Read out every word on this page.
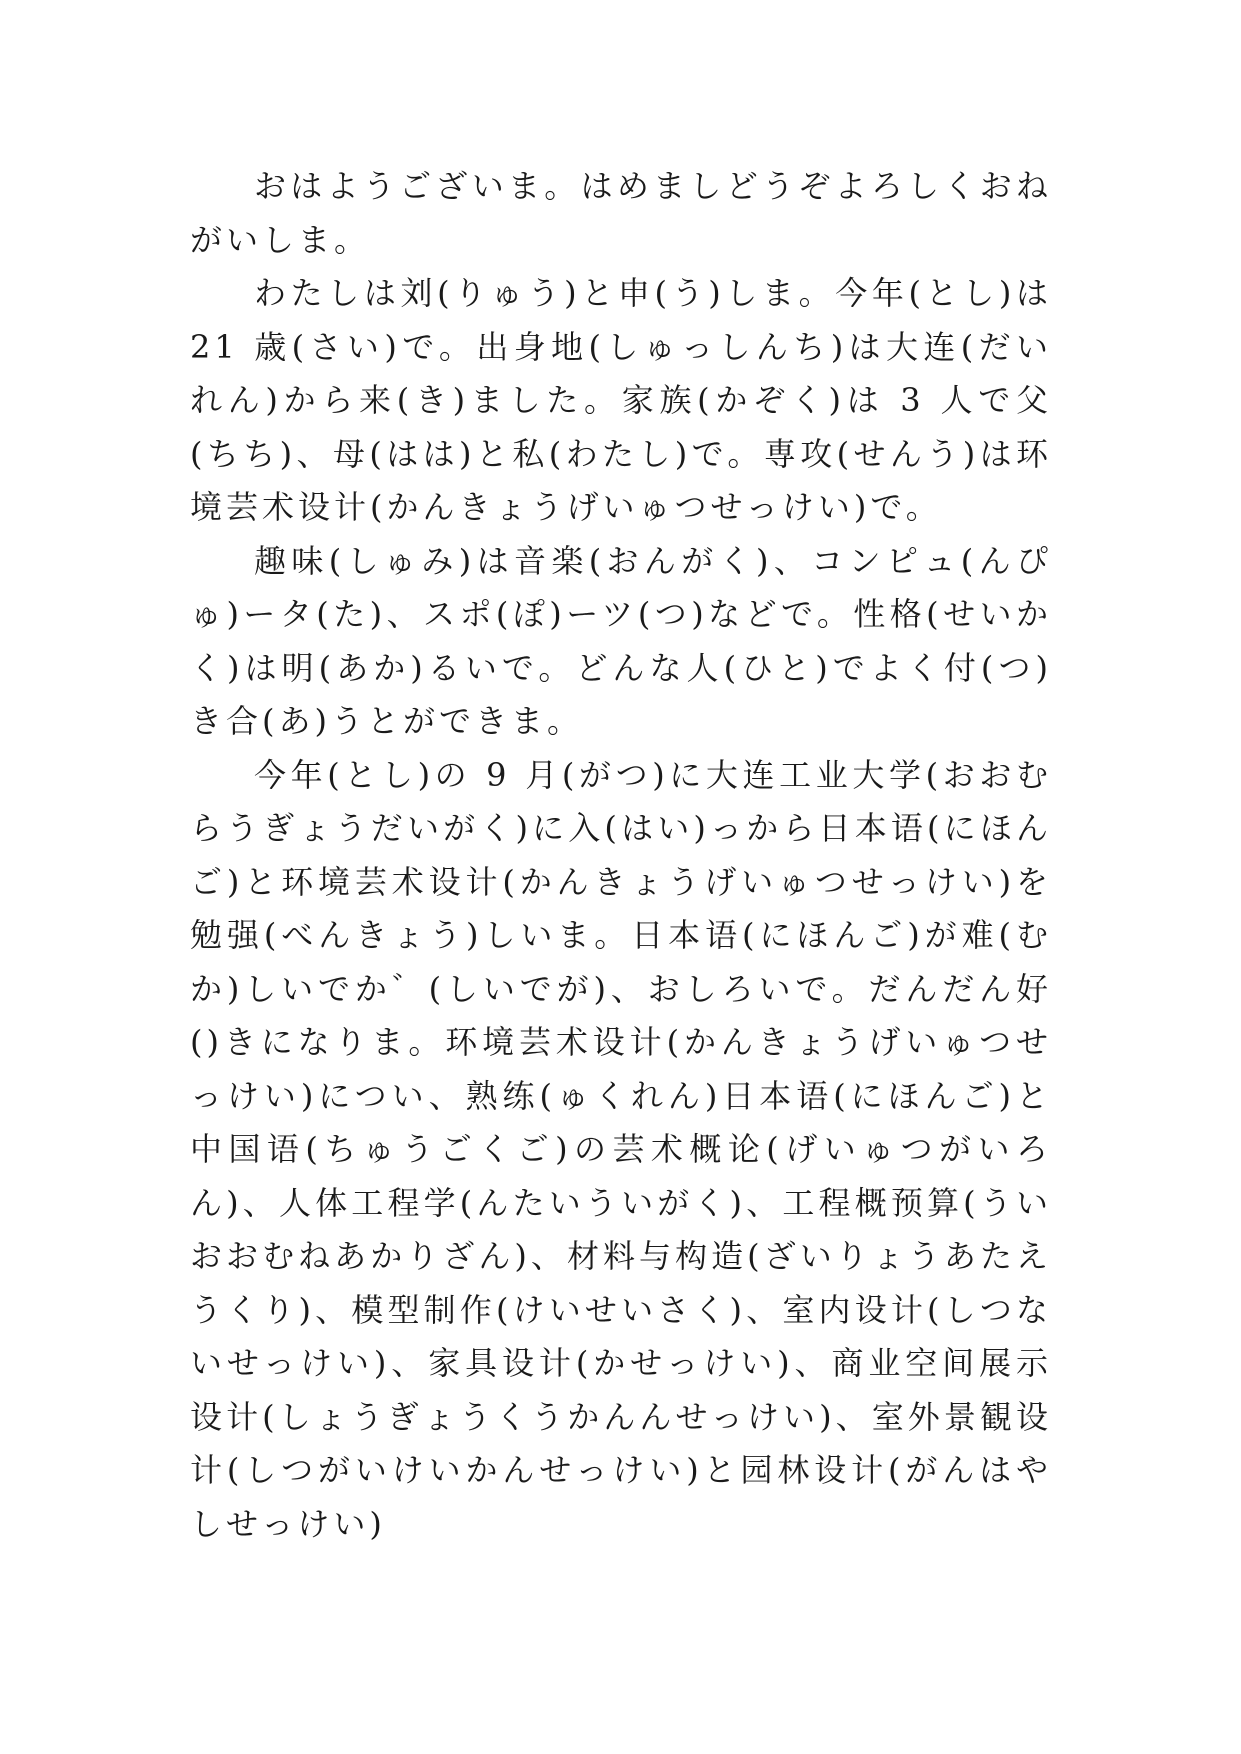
おはようございま。はめましどうぞよろしくおねがいしま。

わたしは刘(りゅう)と申(う)しま。今年(とし)は 21 歳(さい)で。出身地(しゅっしんち)は大连(だいれん)から来(き)ました。家族(かぞく)は 3 人で父(ちち)、母(はは)と私(わたし)で。専攻(せんう)は环境芸术设计(かんきょうげいゅつせっけい)で。

趣味(しゅみ)は音楽(おんがく)、コンピュ(んぴゅ)ータ(た)、スポ(ぽ)ーツ(つ)などで。性格(せいかく)は明(あか)るいで。どんな人(ひと)でよく付(つ)き合(あ)うとができま。

今年(とし)の 9 月(がつ)に大连工业大学(おおむらうぎょうだいがく)に入(はい)っから日本语(にほんご)と环境芸术设计(かんきょうげいゅつせっけい)を勉强(べんきょう)しいま。日本语(にほんご)が难(むか)しいでか゛(しいでが)、おしろいで。だんだん好()きになりま。环境芸术设计(かんきょうげいゅつせっけい)につい、熟练(ゅくれん)日本语(にほんご)と中国语(ちゅうごくご)の芸术概论(げいゅつがいろん)、人体工程学(んたいういがく)、工程概预算(ういおおむねあかりざん)、材料与构造(ざいりょうあたえうくり)、模型制作(けいせいさく)、室内设计(しつないせっけい)、家具设计(かせっけい)、商业空间展示设计(しょうぎょうくうかんんせっけい)、室外景観设计(しつがいけいかんせっけい)と园林设计(がんはやしせっけい)
